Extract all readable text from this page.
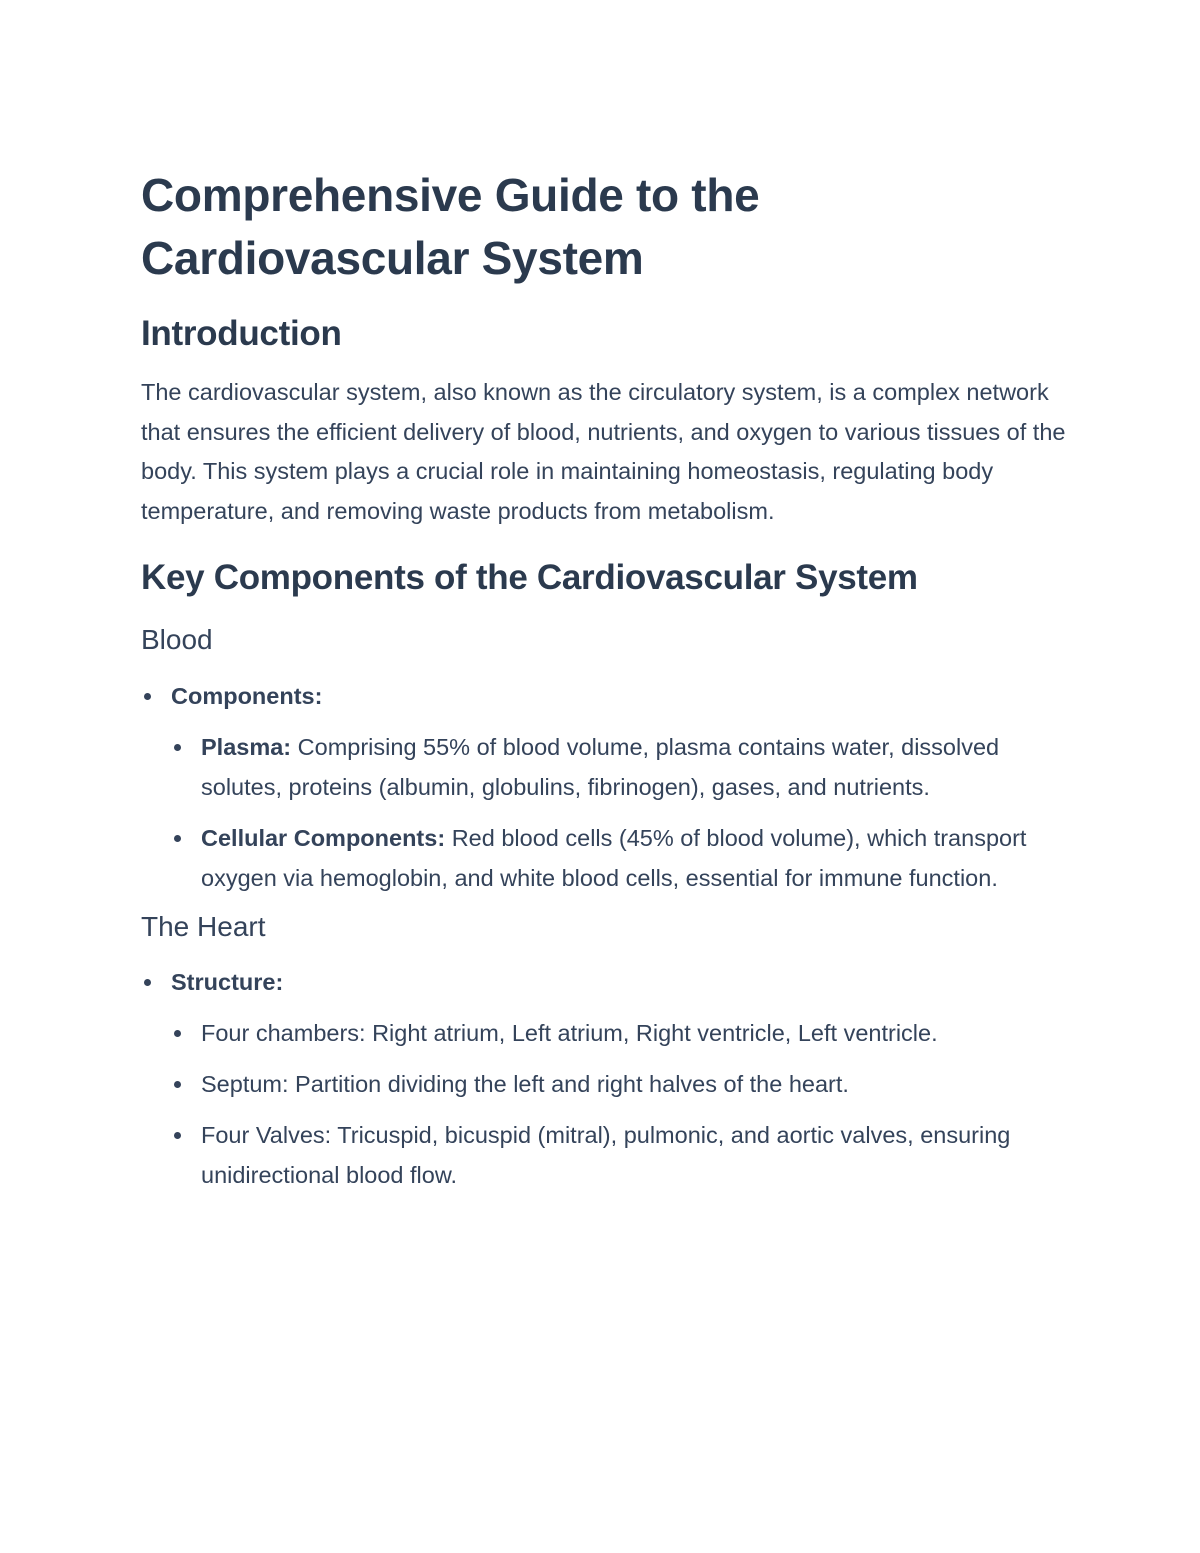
Comprehensive Guide to the Cardiovascular System
Introduction

The cardiovascular system, also known as the circulatory system, is a complex network that ensures the efficient delivery of blood, nutrients, and oxygen to various tissues of the body. This system plays a crucial role in maintaining homeostasis, regulating body temperature, and removing waste products from metabolism.

Key Components of the Cardiovascular System
Blood
Components:
Plasma: Comprising 55% of blood volume, plasma contains water, dissolved solutes, proteins (albumin, globulins, fibrinogen), gases, and nutrients.
Cellular Components: Red blood cells (45% of blood volume), which transport oxygen via hemoglobin, and white blood cells, essential for immune function.
The Heart
Structure:
Four chambers: Right atrium, Left atrium, Right ventricle, Left ventricle.
Septum: Partition dividing the left and right halves of the heart.
Four Valves: Tricuspid, bicuspid (mitral), pulmonic, and aortic valves, ensuring unidirectional blood flow.
